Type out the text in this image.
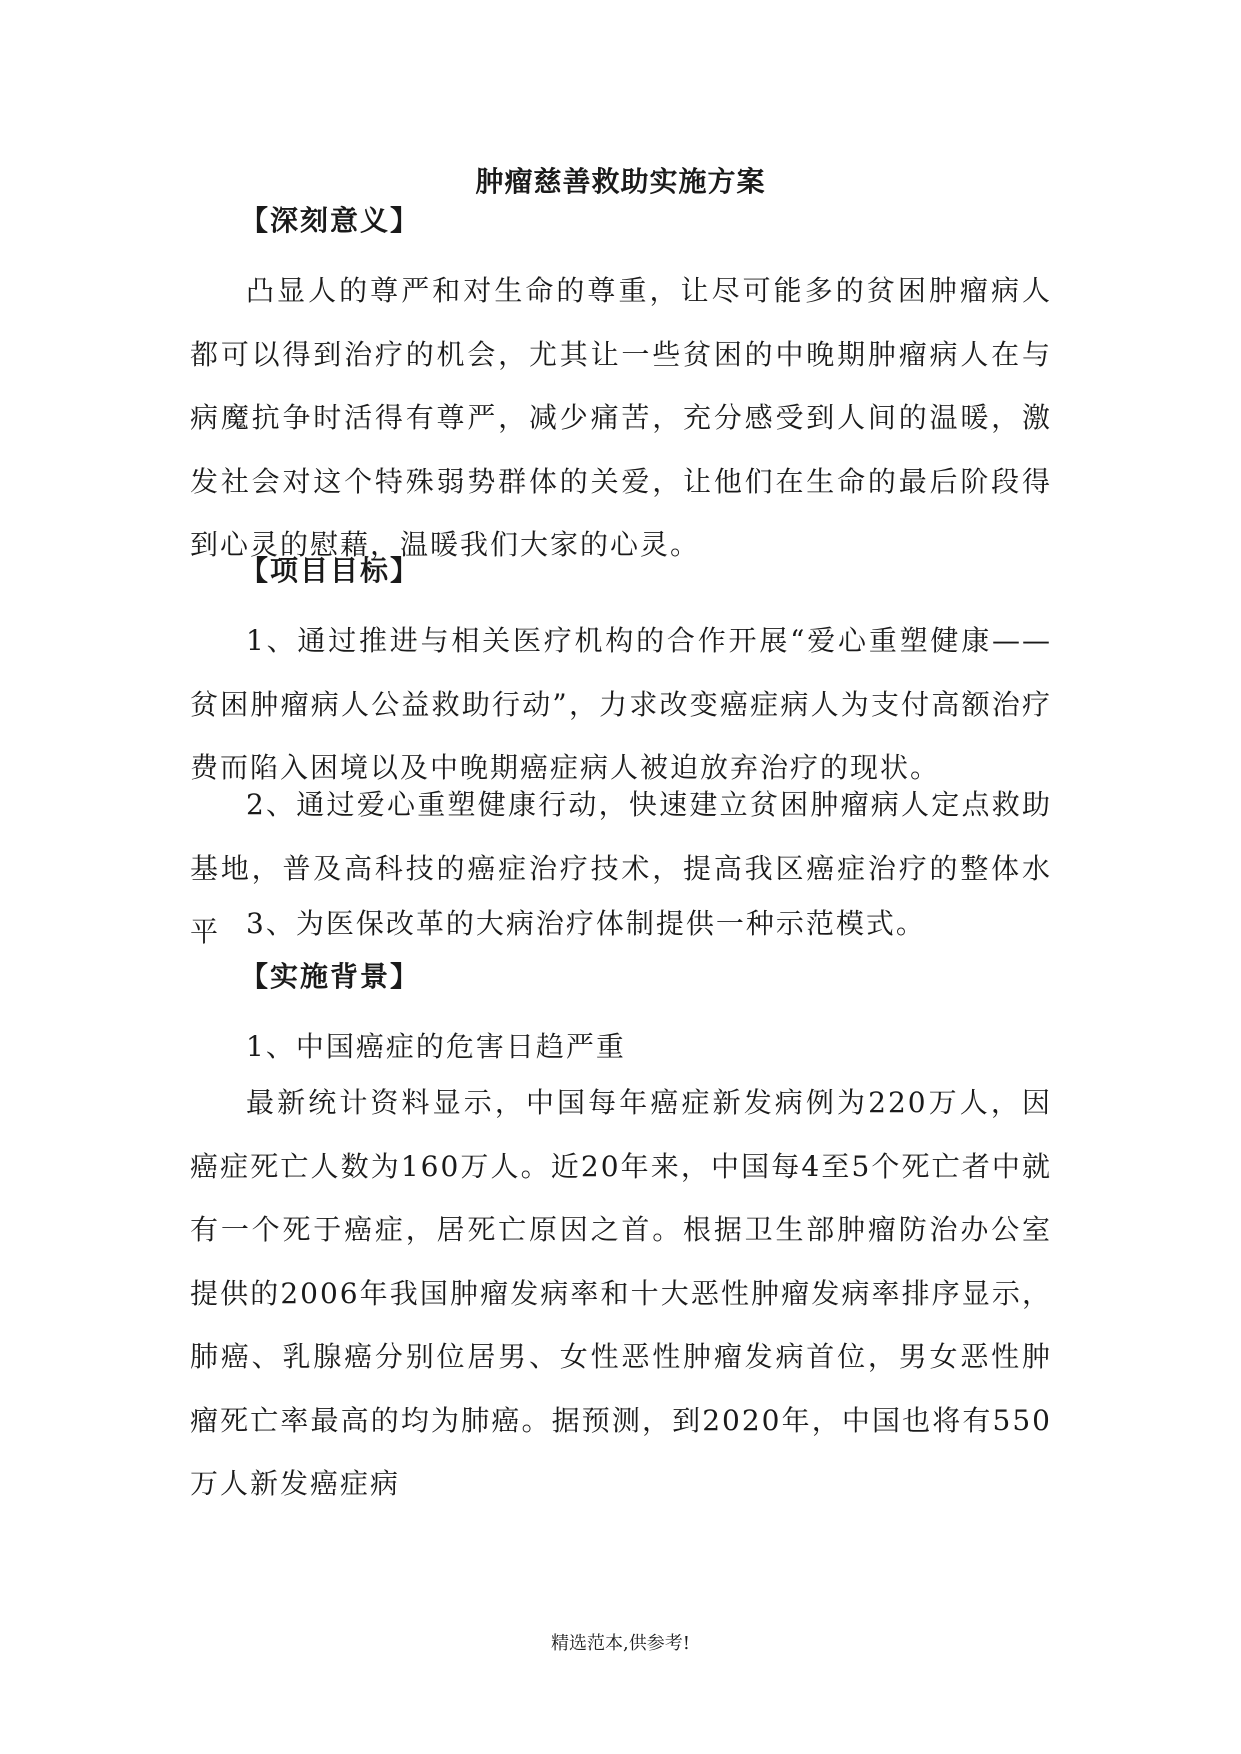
肿瘤慈善救助实施方案
【深刻意义】

凸显人的尊严和对生命的尊重，让尽可能多的贫困肿瘤病人都可以得到治疗的机会，尤其让一些贫困的中晚期肿瘤病人在与病魔抗争时活得有尊严，减少痛苦，充分感受到人间的温暖，激发社会对这个特殊弱势群体的关爱，让他们在生命的最后阶段得到心灵的慰藉，温暖我们大家的心灵。

【项目目标】

1、通过推进与相关医疗机构的合作开展“爱心重塑健康——贫困肿瘤病人公益救助行动”，力求改变癌症病人为支付高额治疗费而陷入困境以及中晚期癌症病人被迫放弃治疗的现状。

2、通过爱心重塑健康行动，快速建立贫困肿瘤病人定点救助基地，普及高科技的癌症治疗技术，提高我区癌症治疗的整体水平 3、为医保改革的大病治疗体制提供一种示范模式。

【实施背景】

1、中国癌症的危害日趋严重

最新统计资料显示，中国每年癌症新发病例为220万人，因癌症死亡人数为160万人。近20年来，中国每4至5个死亡者中就有一个死于癌症，居死亡原因之首。根据卫生部肿瘤防治办公室提供的2006年我国肿瘤发病率和十大恶性肿瘤发病率排序显示，肺癌、乳腺癌分别位居男、女性恶性肿瘤发病首位，男女恶性肿瘤死亡率最高的均为肺癌。据预测，到2020年，中国也将有550万人新发癌症病

精选范本,供参考!
